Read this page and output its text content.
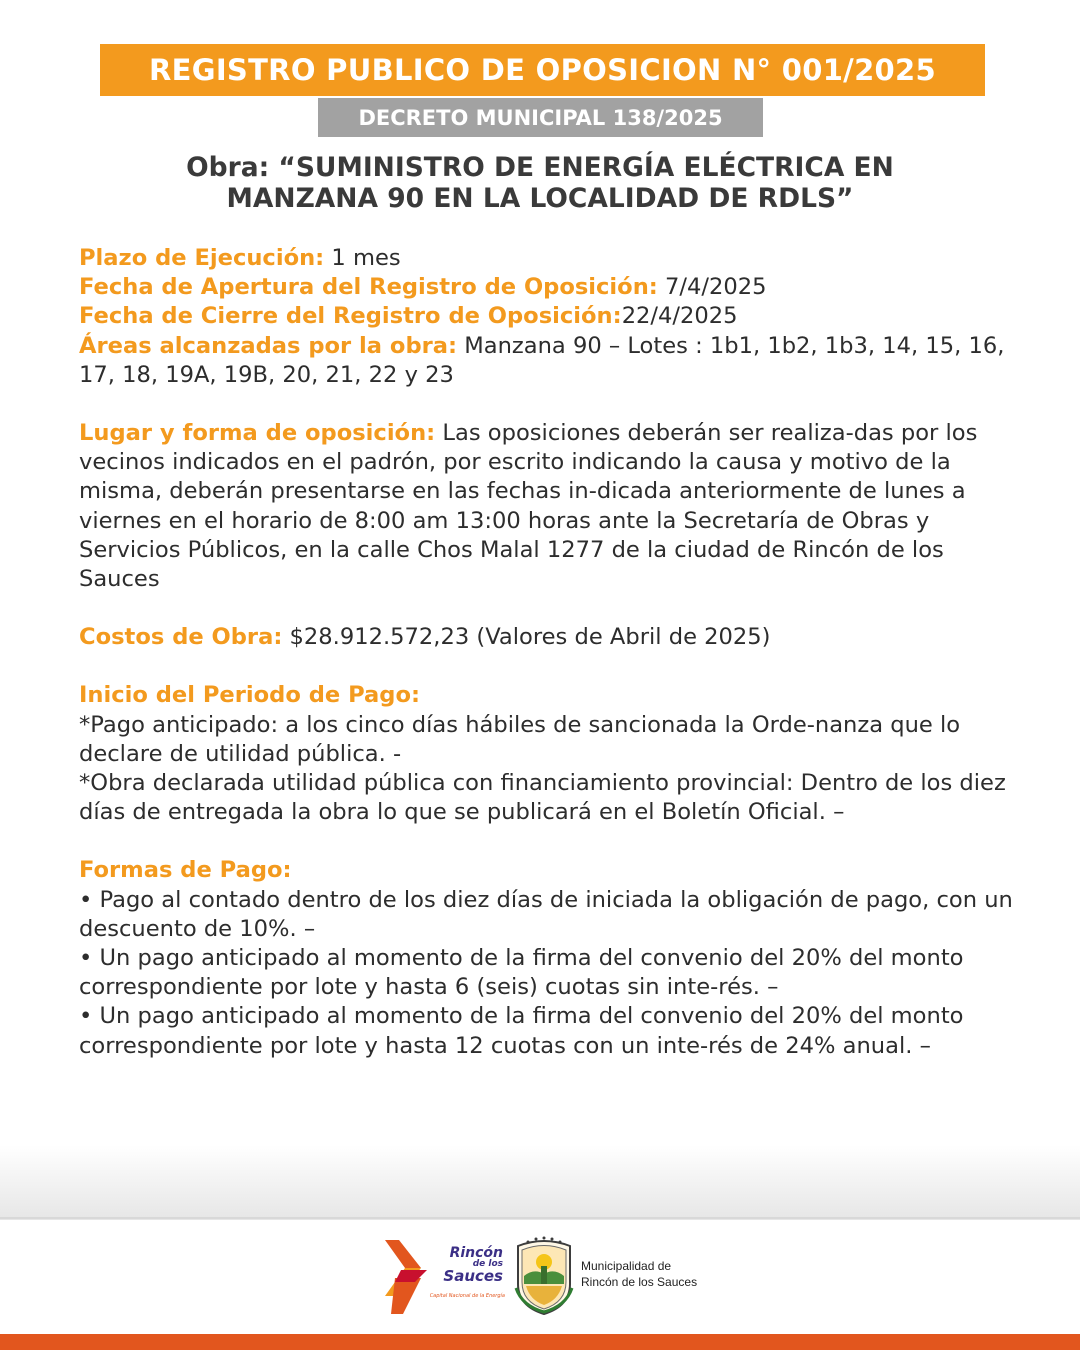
REGISTRO PUBLICO DE OPOSICION N° 001/2025
DECRETO MUNICIPAL 138/2025
Obra: “SUMINISTRO DE ENERGÍA ELÉCTRICA EN
MANZANA 90 EN LA LOCALIDAD DE RDLS”

Plazo de Ejecución: 1 mes

Fecha de Apertura del Registro de Oposición: 7/4/2025

Fecha de Cierre del Registro de Oposición:22/4/2025

Áreas alcanzadas por la obra: Manzana 90 – Lotes : 1b1, 1b2, 1b3, 14, 15, 16, 17, 18, 19A, 19B, 20, 21, 22 y 23

Lugar y forma de oposición: Las oposiciones deberán ser realiza-das por los vecinos indicados en el padrón, por escrito indicando la causa y motivo de la misma, deberán presentarse en las fechas in-dicada anteriormente de lunes a viernes en el horario de 8:00 am 13:00 horas ante la Secretaría de Obras y Servicios Públicos, en la calle Chos Malal 1277 de la ciudad de Rincón de los Sauces

Costos de Obra: $28.912.572,23 (Valores de Abril de 2025)

Inicio del Periodo de Pago:

*Pago anticipado: a los cinco días hábiles de sancionada la Orde-nanza que lo declare de utilidad pública. -

*Obra declarada utilidad pública con financiamiento provincial: Dentro de los diez días de entregada la obra lo que se publicará en el Boletín Oficial. –

Formas de Pago:

• Pago al contado dentro de los diez días de iniciada la obligación de pago, con un descuento de 10%. –

• Un pago anticipado al momento de la firma del convenio del 20% del monto correspondiente por lote y hasta 6 (seis) cuotas sin inte-rés. –

• Un pago anticipado al momento de la firma del convenio del 20% del monto correspondiente por lote y hasta 12 cuotas con un inte-rés de 24% anual. –

Rincón
de los
Sauces
Capital Nacional de la Energía
Municipalidad de
Rincón de los Sauces
